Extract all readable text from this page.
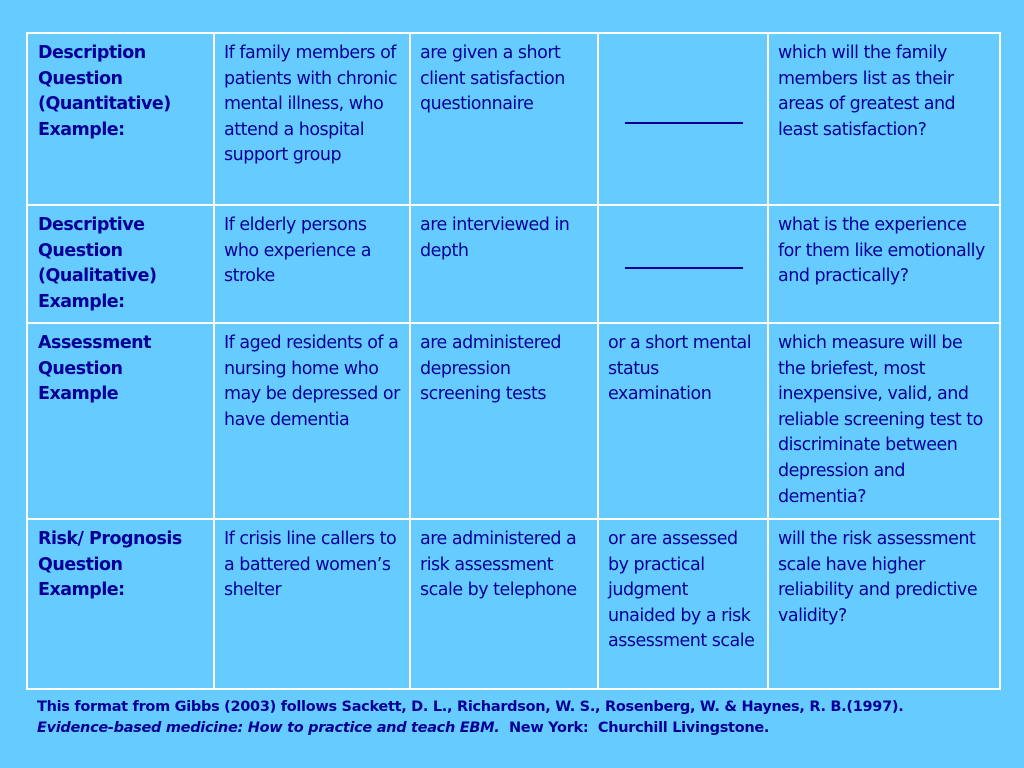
Description Question (Quantitative) Example:	If family members of patients with chronic mental illness, who attend a hospital support group	are given a short client satisfaction questionnaire		which will the family members list as their areas of greatest and least satisfaction?
Descriptive Question (Qualitative) Example:	If elderly persons who experience a stroke	are interviewed in depth		what is the experience for them like emotionally and practically?
Assessment Question Example	If aged residents of a nursing home who may be depressed or have dementia	are administered depression screening tests	or a short mental status examination	which measure will be the briefest, most inexpensive, valid, and reliable screening test to discriminate between depression and dementia?
Risk/ Prognosis Question Example:	If crisis line callers to a battered women’s shelter	are administered a risk assessment scale by telephone	or are assessed by practical judgment unaided by a risk assessment scale	will the risk assessment scale have higher reliability and predictive validity?
This format from Gibbs (2003) follows Sackett, D. L., Richardson, W. S., Rosenberg, W. & Haynes, R. B.(1997).
Evidence-based medicine: How to practice and teach EBM.  New York:  Churchill Livingstone.
